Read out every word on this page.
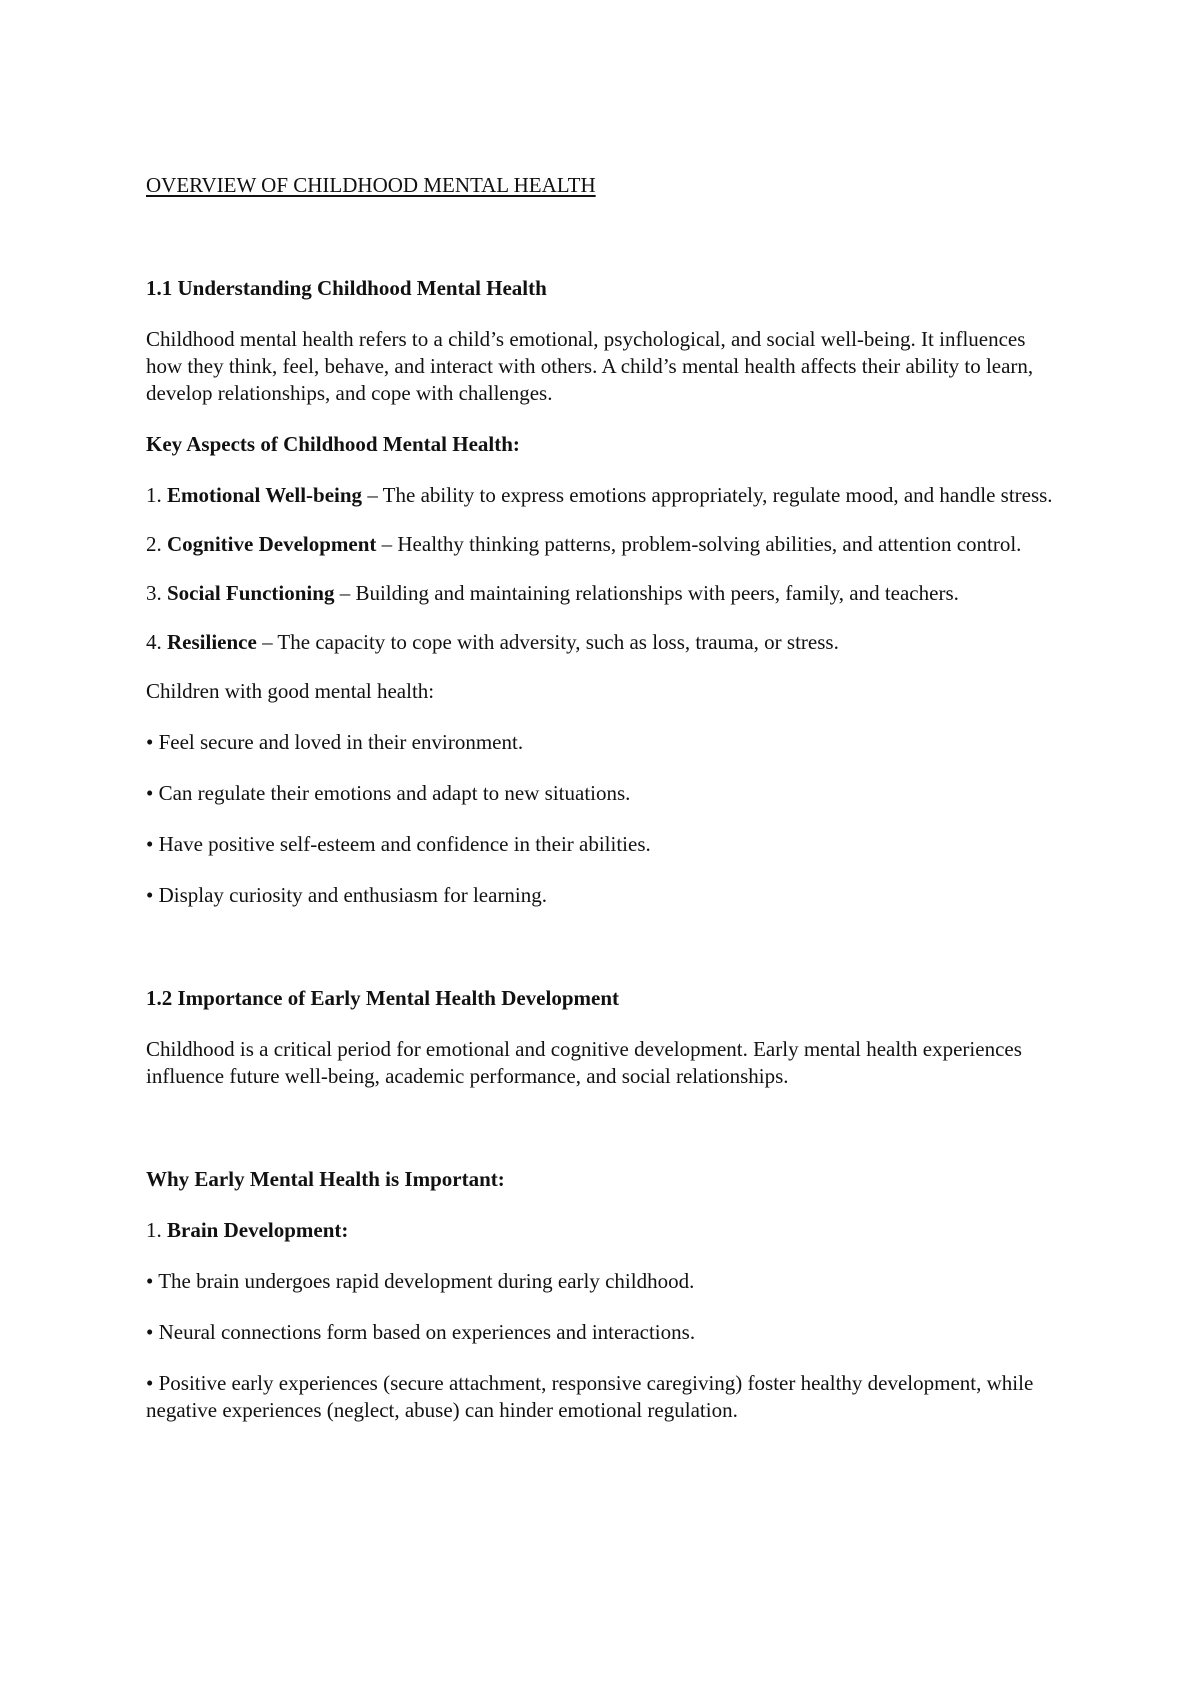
OVERVIEW OF CHILDHOOD MENTAL HEALTH

1.1 Understanding Childhood Mental Health

Childhood mental health refers to a child’s emotional, psychological, and social well-being. It influences how they think, feel, behave, and interact with others. A child’s mental health affects their ability to learn, develop relationships, and cope with challenges.

Key Aspects of Childhood Mental Health:

1. Emotional Well-being – The ability to express emotions appropriately, regulate mood, and handle stress.

2. Cognitive Development – Healthy thinking patterns, problem-solving abilities, and attention control.

3. Social Functioning – Building and maintaining relationships with peers, family, and teachers.

4. Resilience – The capacity to cope with adversity, such as loss, trauma, or stress.

Children with good mental health:

• Feel secure and loved in their environment.

• Can regulate their emotions and adapt to new situations.

• Have positive self-esteem and confidence in their abilities.

• Display curiosity and enthusiasm for learning.

1.2 Importance of Early Mental Health Development

Childhood is a critical period for emotional and cognitive development. Early mental health experiences influence future well-being, academic performance, and social relationships.

Why Early Mental Health is Important:

1. Brain Development:

• The brain undergoes rapid development during early childhood.

• Neural connections form based on experiences and interactions.

• Positive early experiences (secure attachment, responsive caregiving) foster healthy development, while negative experiences (neglect, abuse) can hinder emotional regulation.
